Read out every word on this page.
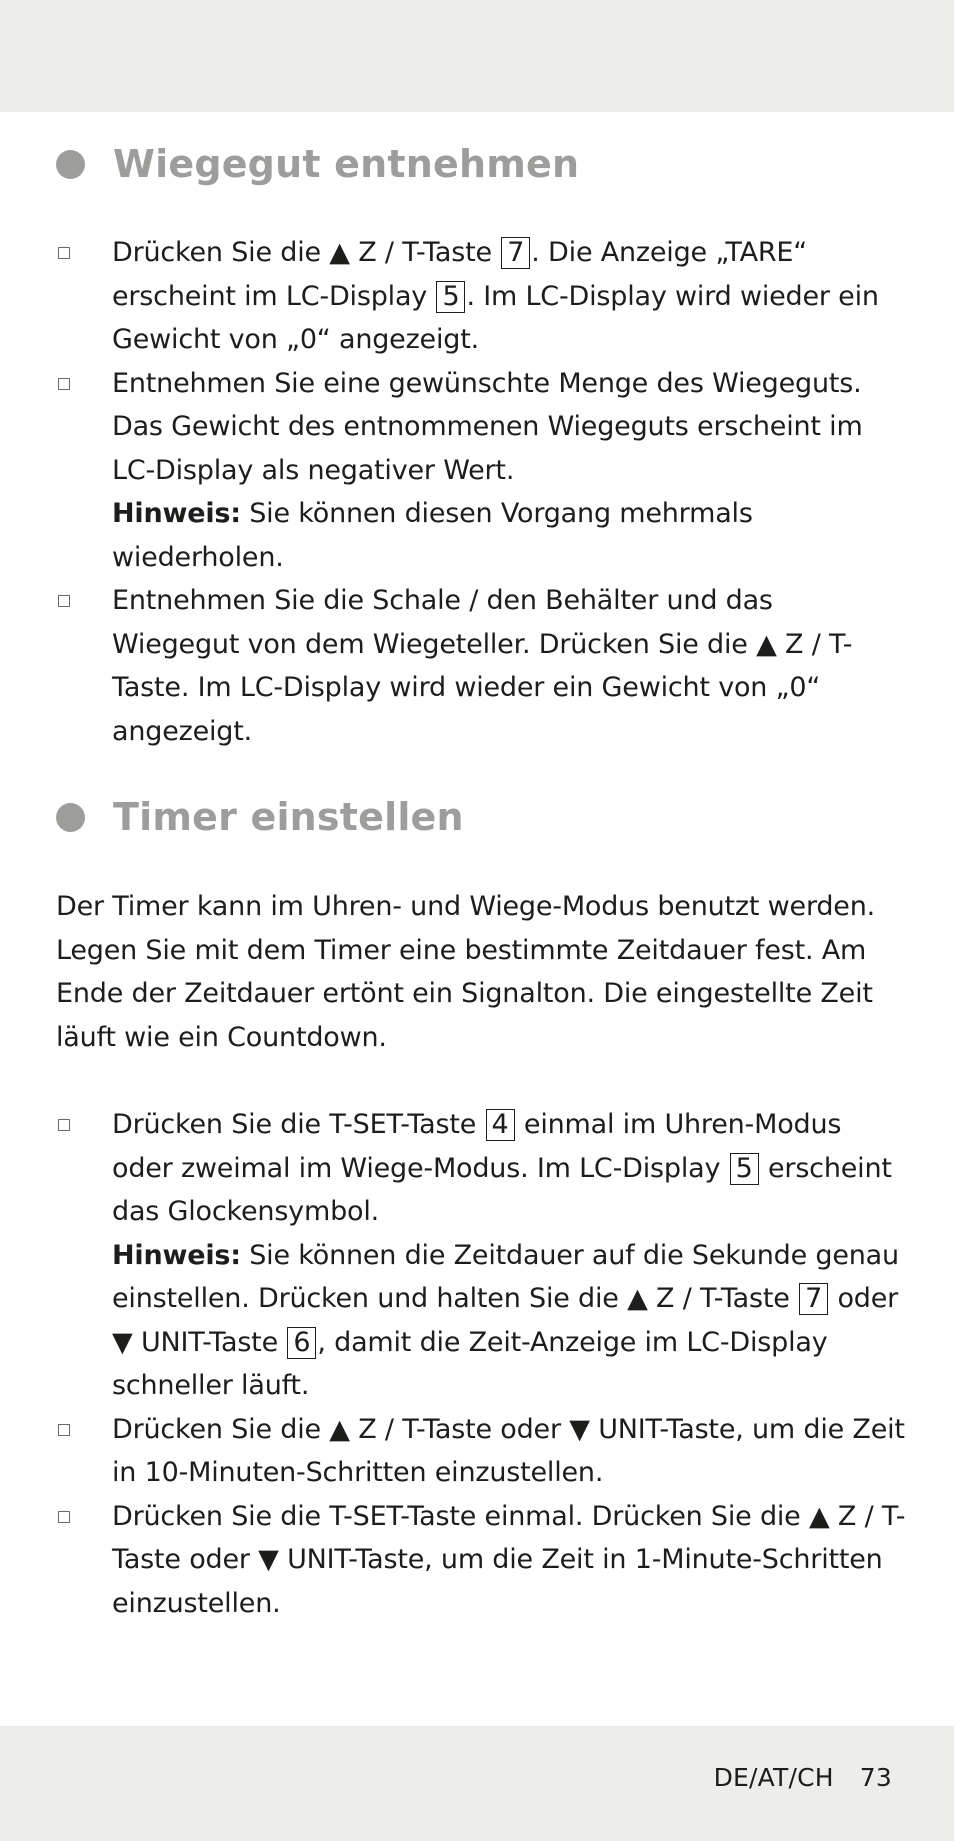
Wiegegut entnehmen

Drücken Sie die ▲ Z / T-Taste 7 . Die Anzeige „TARE“ erscheint im LC-Display 5 . Im LC-Display wird wieder ein Gewicht von „0“ angezeigt.

Entnehmen Sie eine gewünschte Menge des Wiegeguts. Das Gewicht des entnommenen Wiegeguts erscheint im LC-Display als negativer Wert.

Hinweis: Sie können diesen Vorgang mehrmals wiederholen.

Entnehmen Sie die Schale / den Behälter und das Wiegegut von dem Wiegeteller. Drücken Sie die ▲ Z / T-Taste. Im LC-Display wird wieder ein Gewicht von „0“ angezeigt.

Timer einstellen

Der Timer kann im Uhren- und Wiege-Modus benutzt werden. Legen Sie mit dem Timer eine bestimmte Zeitdauer fest. Am Ende der Zeitdauer ertönt ein Signalton. Die eingestellte Zeit läuft wie ein Countdown.

Drücken Sie die T-SET-Taste 4 einmal im Uhren-Modus oder zweimal im Wiege-Modus. Im LC-Display 5 erscheint das Glockensymbol.

Hinweis: Sie können die Zeitdauer auf die Sekunde genau einstellen. Drücken und halten Sie die ▲ Z / T-Taste 7 oder ▼ UNIT-Taste 6 , damit die Zeit-Anzeige im LC-Display schneller läuft.

Drücken Sie die ▲ Z / T-Taste oder ▼ UNIT-Taste, um die Zeit in 10-Minuten-Schritten einzustellen.

Drücken Sie die T-SET-Taste einmal. Drücken Sie die ▲ Z / T-Taste oder ▼ UNIT-Taste, um die Zeit in 1-Minute-Schritten einzustellen.

DE/AT/CH 73
